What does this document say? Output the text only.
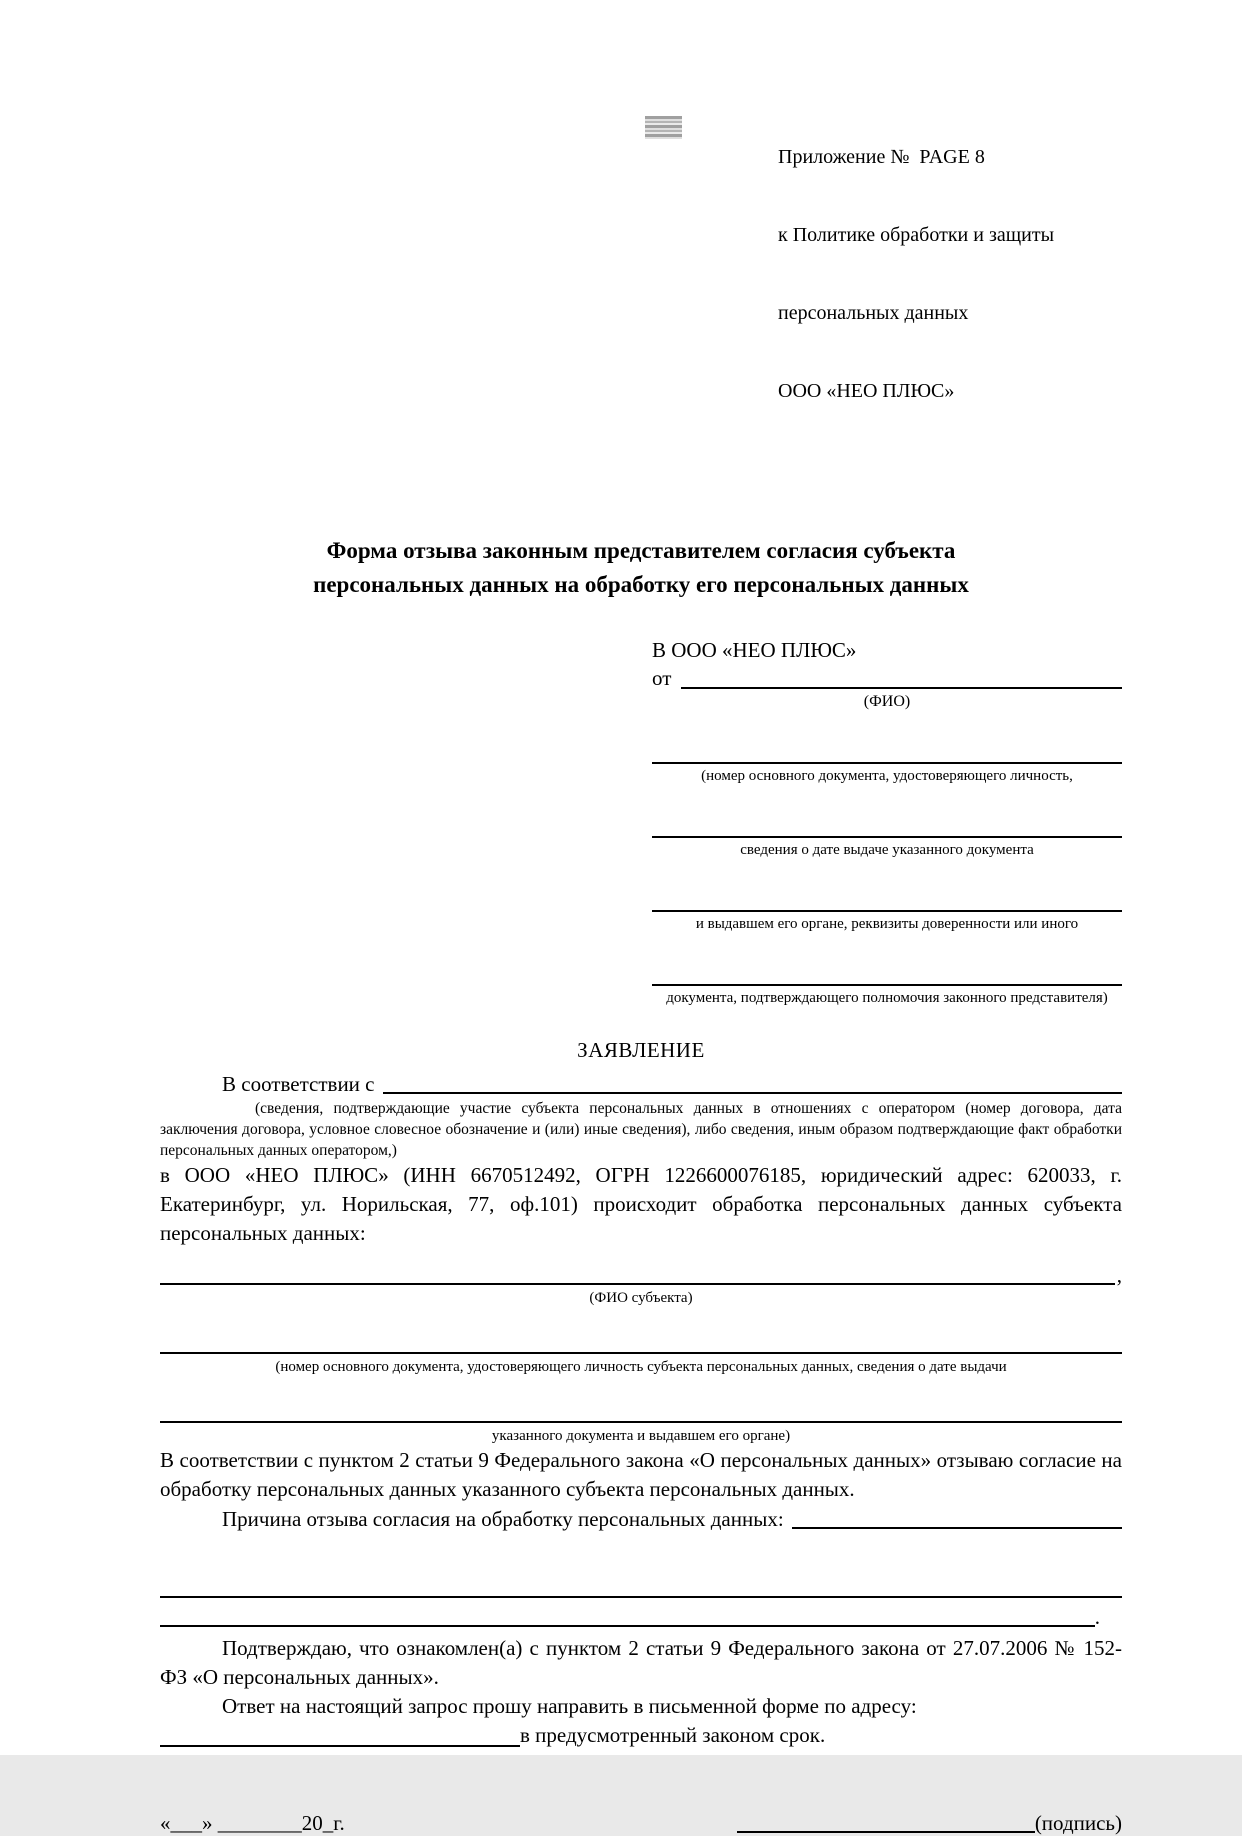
Приложение №  PAGE 8

к Политике обработки и защиты

персональных данных

ООО «НЕО ПЛЮС»

Форма отзыва законным представителем согласия субъекта
персональных данных на обработку его персональных данных
В ООО «НЕО ПЛЮС»
от
(ФИО)
(номер основного документа, удостоверяющего личность,
сведения о дате выдаче указанного документа
и выдавшем его органе, реквизиты доверенности или иного
документа, подтверждающего полномочия законного представителя)
ЗАЯВЛЕНИЕ
В соответствии с

(сведения, подтверждающие участие субъекта персональных данных в отношениях с оператором (номер договора, дата заключения договора, условное словесное обозначение и (или) иные сведения), либо сведения, иным образом подтверждающие факт обработки персональных данных оператором,)

в ООО «НЕО ПЛЮС» (ИНН 6670512492, ОГРН 1226600076185, юридический адрес: 620033, г. Екатеринбург, ул. Норильская, 77, оф.101) происходит обработка персональных данных субъекта персональных данных:

,
(ФИО субъекта)
(номер основного документа, удостоверяющего личность субъекта персональных данных, сведения о дате выдачи
указанного документа и выдавшем его органе)

В соответствии с пунктом 2 статьи 9 Федерального закона «О персональных данных» отзываю согласие на обработку персональных данных указанного субъекта персональных данных.

Причина отзыва согласия на обработку персональных данных:
.

Подтверждаю, что ознакомлен(а) с пунктом 2 статьи 9 Федерального закона от 27.07.2006 № 152-ФЗ «О персональных данных».

Ответ на настоящий запрос прошу направить в письменной форме по адресу:

в предусмотренный законом срок.
«___» ________20_г.	(подпись)
